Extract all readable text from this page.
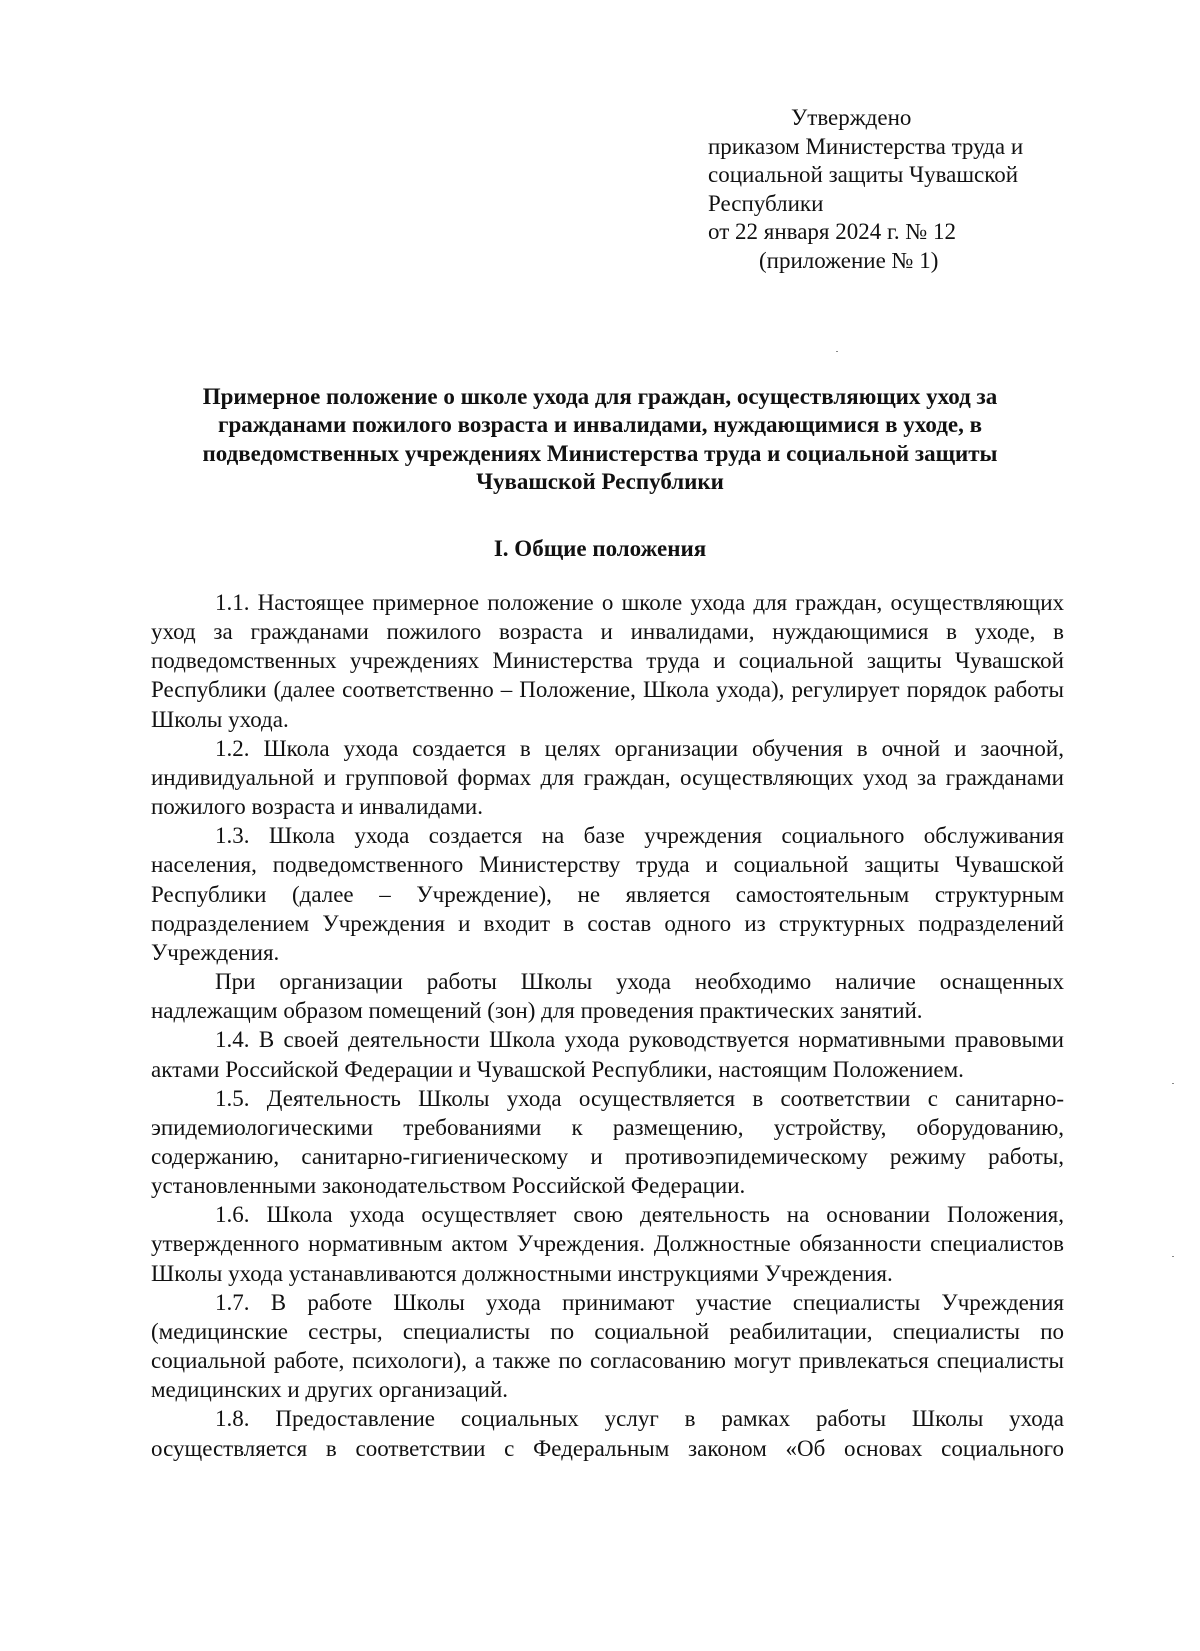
Утверждено
приказом Министерства труда и
социальной защиты Чувашской
Республики
от 22 января 2024 г. № 12
(приложение № 1)
Примерное положение о школе ухода для граждан, осуществляющих уход за
гражданами пожилого возраста и инвалидами, нуждающимися в уходе, в
подведомственных учреждениях Министерства труда и социальной защиты
Чувашской Республики
I. Общие положения

1.1. Настоящее примерное положение о школе ухода для граждан, осуществляющих уход за гражданами пожилого возраста и инвалидами, нуждающимися в уходе, в подведомственных учреждениях Министерства труда и социальной защиты Чувашской Республики (далее соответственно – Положение, Школа ухода), регулирует порядок работы Школы ухода.

1.2. Школа ухода создается в целях организации обучения в очной и заочной, индивидуальной и групповой формах для граждан, осуществляющих уход за гражданами пожилого возраста и инвалидами.

1.3. Школа ухода создается на базе учреждения социального обслуживания населения, подведомственного Министерству труда и социальной защиты Чувашской Республики (далее – Учреждение), не является самостоятельным структурным подразделением Учреждения и входит в состав одного из структурных подразделений Учреждения.

При организации работы Школы ухода необходимо наличие оснащенных надлежащим образом помещений (зон) для проведения практических занятий.

1.4. В своей деятельности Школа ухода руководствуется нормативными правовыми актами Российской Федерации и Чувашской Республики, настоящим Положением.

1.5. Деятельность Школы ухода осуществляется в соответствии с санитарно-эпидемиологическими требованиями к размещению, устройству, оборудованию, содержанию, санитарно-гигиеническому и противоэпидемическому режиму работы, установленными законодательством Российской Федерации.

1.6. Школа ухода осуществляет свою деятельность на основании Положения, утвержденного нормативным актом Учреждения. Должностные обязанности специалистов Школы ухода устанавливаются должностными инструкциями Учреждения.

1.7. В работе Школы ухода принимают участие специалисты Учреждения (медицинские сестры, специалисты по социальной реабилитации, специалисты по социальной работе, психологи), а также по согласованию могут привлекаться специалисты медицинских и других организаций.

1.8. Предоставление социальных услуг в рамках работы Школы ухода осуществляется в соответствии с Федеральным законом «Об основах социального
